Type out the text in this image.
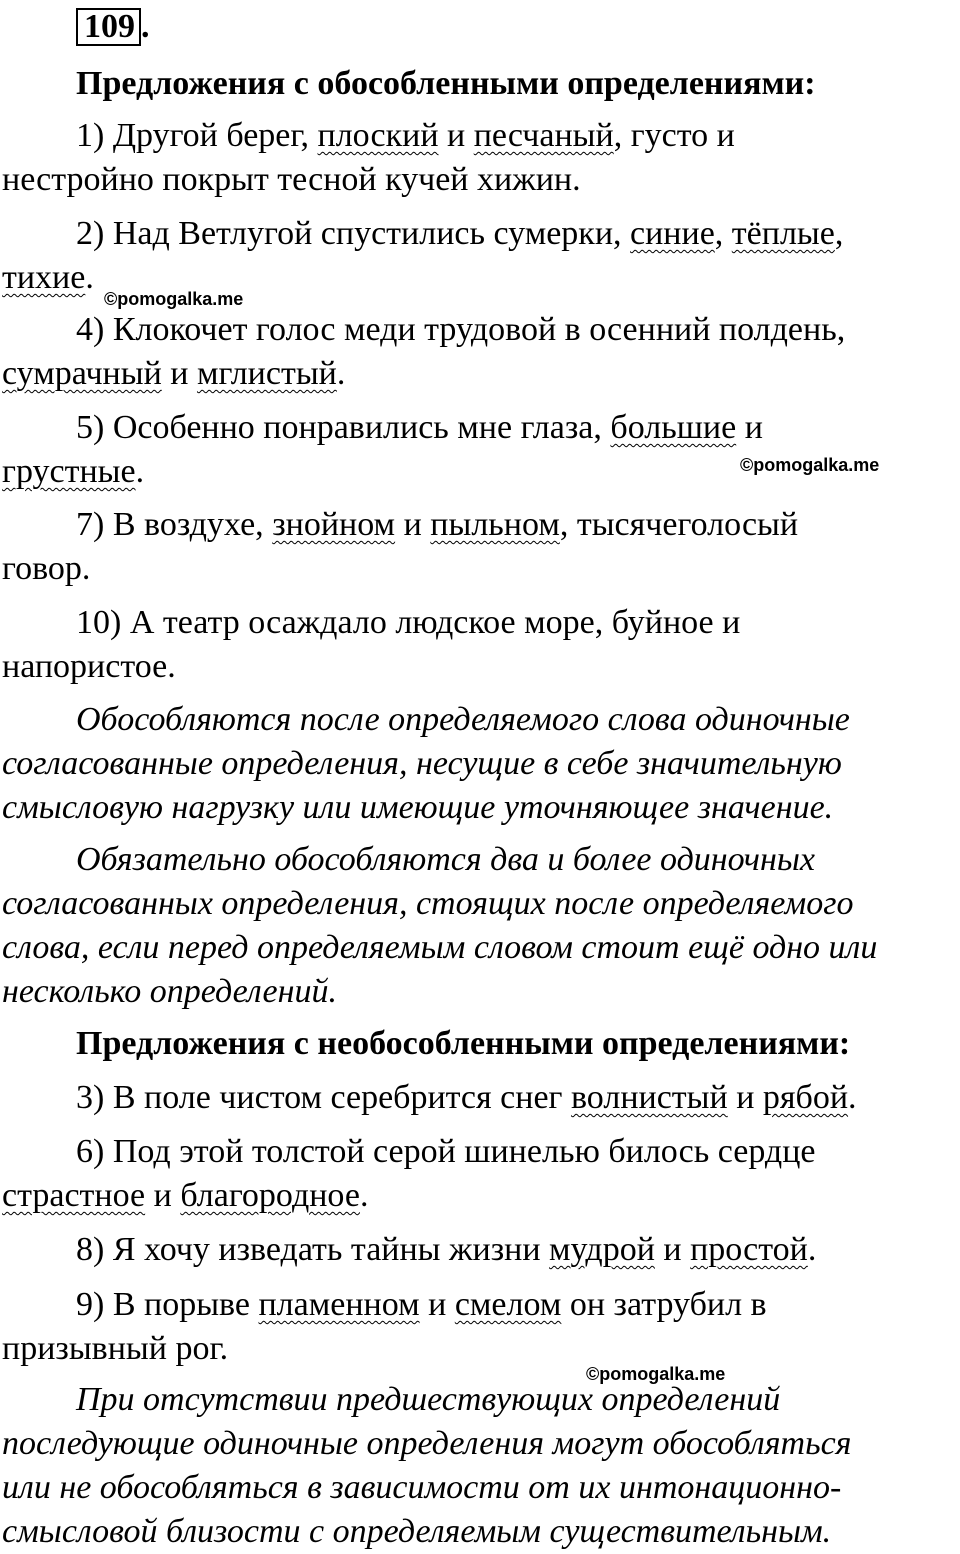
109 .

Предложения с обособленными определениями:

1) Другой берег, плоский и песчаный, густо и
нестройно покрыт тесной кучей хижин.

2) Над Ветлугой спустились сумерки, синие, тёплые,
тихие.

©pomogalka.me

4) Клокочет голос меди трудовой в осенний полдень,
сумрачный и мглистый.

5) Особенно понравились мне глаза, большие и
грустные.	©pomogalka.me

7) В воздухе, знойном и пыльном, тысячеголосый
говор.

10) А театр осаждало людское море, буйное и
напористое.

Обособляются после определяемого слова одиночные
согласованные определения, несущие в себе значительную
смысловую нагрузку или имеющие уточняющее значение.

Обязательно обособляются два и более одиночных
согласованных определения, стоящих после определяемого
слова, если перед определяемым словом стоит ещё одно или
несколько определений.

Предложения с необособленными определениями:

3) В поле чистом серебрится снег волнистый и рябой.

6) Под этой толстой серой шинелью билось сердце
страстное и благородное.

8) Я хочу изведать тайны жизни мудрой и простой.

9) В порыве пламенном и смелом он затрубил в
призывный рог.

©pomogalka.me

При отсутствии предшествующих определений
последующие одиночные определения могут обособляться
или не обособляться в зависимости от их интонационно-
смысловой близости с определяемым существительным.
